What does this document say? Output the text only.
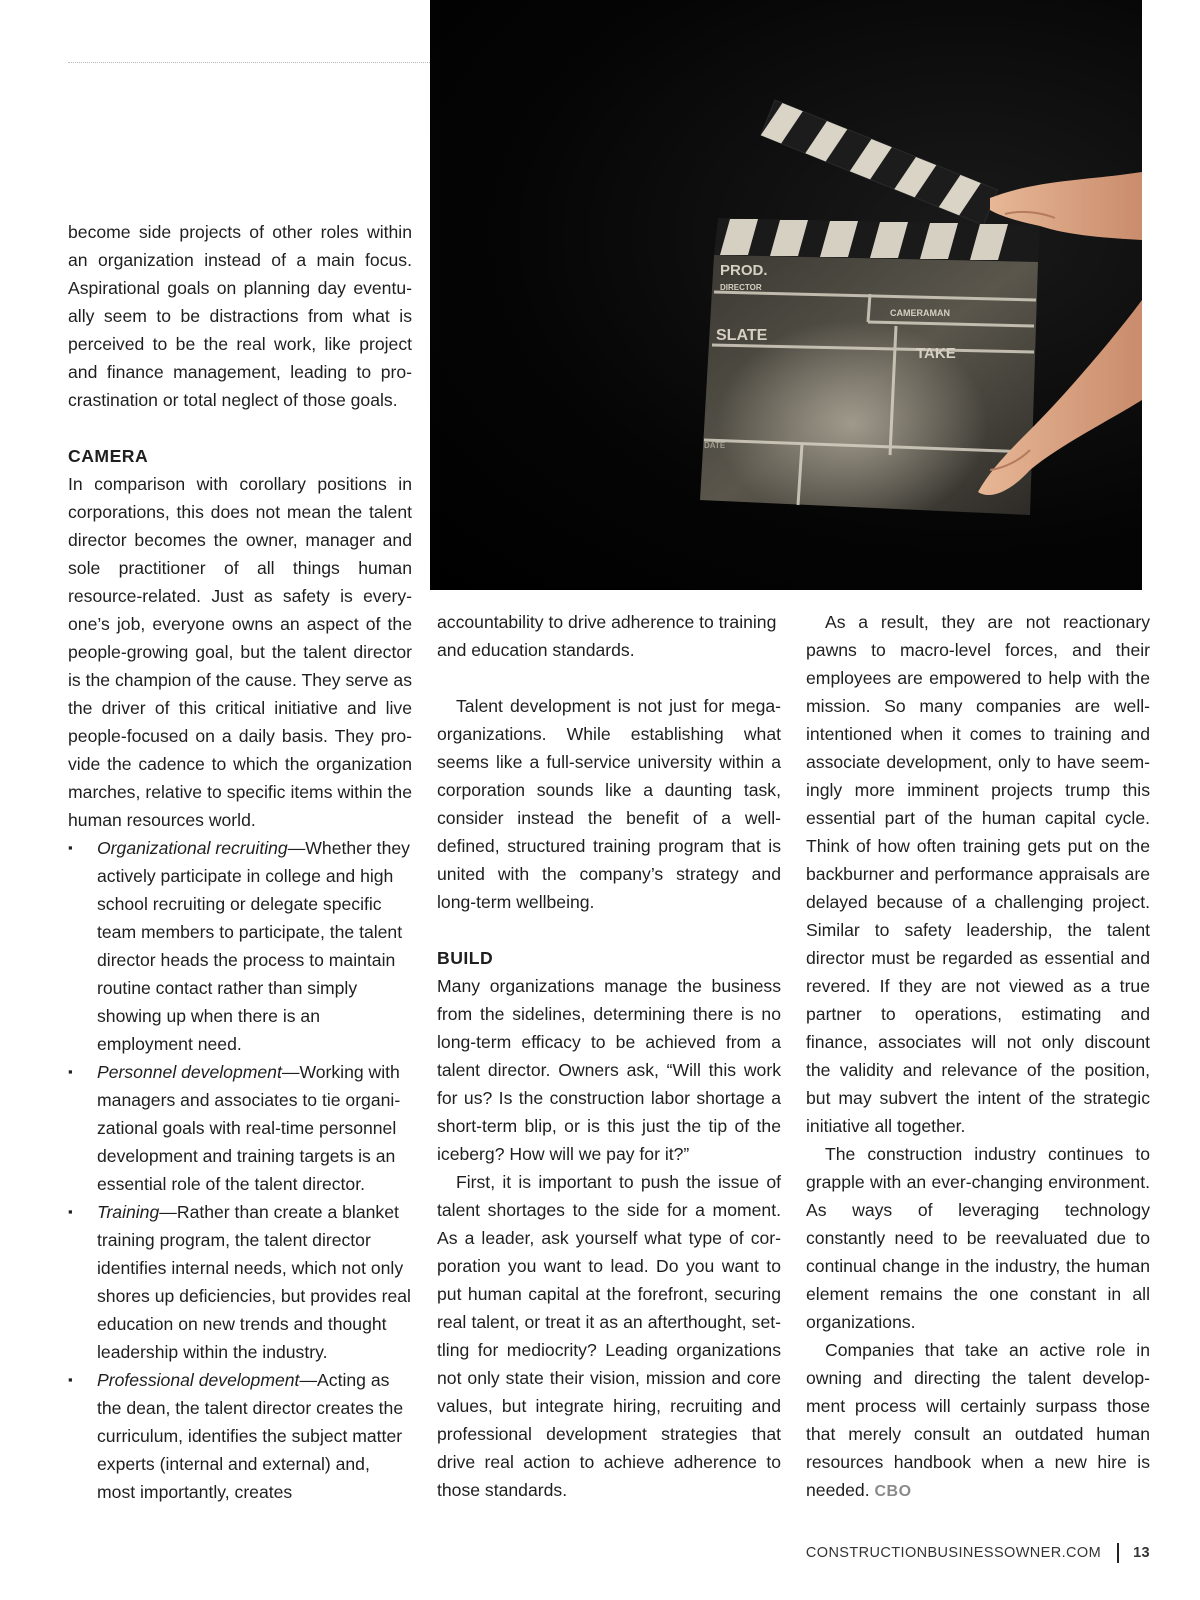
PROD.
DIRECTOR
CAMERAMAN
SLATE
TAKE
DATE

become side projects of other roles within an organization instead of a main focus. Aspirational goals on planning day eventually seem to be distractions from what is perceived to be the real work, like project and finance management, leading to procrastination or total neglect of those goals.

CAMERA

In comparison with corollary positions in corporations, this does not mean the talent director becomes the owner, manager and sole practitioner of all things human resource-related. Just as safety is everyone’s job, everyone owns an aspect of the people-growing goal, but the talent director is the champion of the cause. They serve as the driver of this critical initiative and live people-focused on a daily basis. They provide the cadence to which the organization marches, relative to specific items within the human resources world.

▪ Organizational recruiting—Whether they actively participate in college and high school recruiting or delegate specific team members to participate, the talent director heads the process to maintain routine contact rather than simply showing up when there is an employment need.
▪ Personnel development—Working with managers and associates to tie organizational goals with real-time personnel development and training targets is an essential role of the talent director.
▪ Training—Rather than create a blanket training program, the talent director identifies internal needs, which not only shores up deficiencies, but provides real education on new trends and thought leadership within the industry.
▪ Professional development—Acting as the dean, the talent director creates the curriculum, identifies the subject matter experts (internal and external) and, most importantly, creates

accountability to drive adherence to training and education standards.

Talent development is not just for mega-organizations. While establishing what seems like a full-service university within a corporation sounds like a daunting task, consider instead the benefit of a well-defined, structured training program that is united with the company’s strategy and long-term wellbeing.

BUILD

Many organizations manage the business from the sidelines, determining there is no long-term efficacy to be achieved from a talent director. Owners ask, “Will this work for us? Is the construction labor shortage a short-term blip, or is this just the tip of the iceberg? How will we pay for it?”

First, it is important to push the issue of talent shortages to the side for a moment. As a leader, ask yourself what type of corporation you want to lead. Do you want to put human capital at the forefront, securing real talent, or treat it as an afterthought, settling for mediocrity? Leading organizations not only state their vision, mission and core values, but integrate hiring, recruiting and professional development strategies that drive real action to achieve adherence to those standards.

As a result, they are not reactionary pawns to macro-level forces, and their employees are empowered to help with the mission. So many companies are well-intentioned when it comes to training and associate development, only to have seemingly more imminent projects trump this essential part of the human capital cycle. Think of how often training gets put on the backburner and performance appraisals are delayed because of a challenging project. Similar to safety leadership, the talent director must be regarded as essential and revered. If they are not viewed as a true partner to operations, estimating and finance, associates will not only discount the validity and relevance of the position, but may subvert the intent of the strategic initiative all together.

The construction industry continues to grapple with an ever-changing environment. As ways of leveraging technology constantly need to be reevaluated due to continual change in the industry, the human element remains the one constant in all organizations.

Companies that take an active role in owning and directing the talent development process will certainly surpass those that merely consult an outdated human resources handbook when a new hire is needed. CBO

CONSTRUCTIONBUSINESSOWNER.COM 13
